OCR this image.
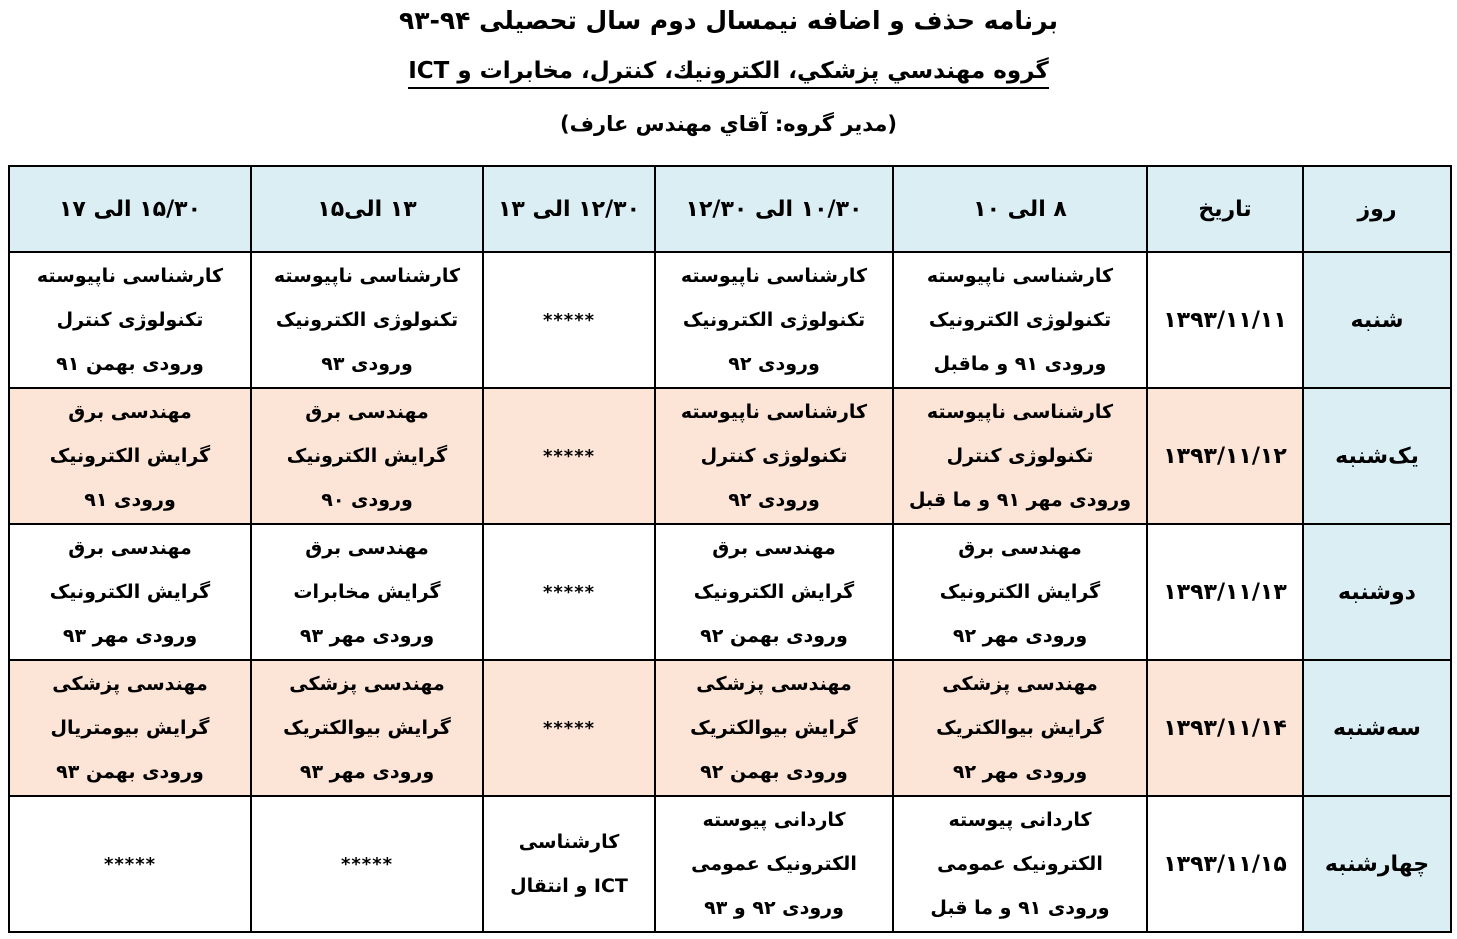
برنامه حذف و اضافه نیمسال دوم سال تحصیلی ۹۴-۹۳
گروه مهندسي پزشكي، الكترونيك، كنترل، مخابرات و ICT
(مدير گروه: آقاي مهندس عارف)
روز	تاریخ	۸ الی ۱۰	۱۰/۳۰ الی ۱۲/۳۰	۱۲/۳۰ الی ۱۳	۱۳ الی۱۵	۱۵/۳۰ الی ۱۷
شنبه	۱۳۹۳/۱۱/۱۱	کارشناسی ناپیوسته
تکنولوژی الکترونیک
ورودی ۹۱ و ماقبل	کارشناسی ناپیوسته
تکنولوژی الکترونیک
ورودی ۹۲	*****	کارشناسی ناپیوسته
تکنولوژی الکترونیک
ورودی ۹۳	کارشناسی ناپیوسته
تکنولوژی کنترل
ورودی بهمن ۹۱

یک‌شنبه	۱۳۹۳/۱۱/۱۲	کارشناسی ناپیوسته
تکنولوژی کنترل
ورودی مهر ۹۱ و ما قبل	کارشناسی ناپیوسته
تکنولوژی کنترل
ورودی ۹۲	*****	مهندسی برق
گرایش الکترونیک
ورودی ۹۰	مهندسی برق
گرایش الکترونیک
ورودی ۹۱

دوشنبه	۱۳۹۳/۱۱/۱۳	مهندسی برق
گرایش الکترونیک
ورودی مهر ۹۲	مهندسی برق
گرایش الکترونیک
ورودی بهمن ۹۲	*****	مهندسی برق
گرایش مخابرات
ورودی مهر ۹۳	مهندسی برق
گرایش الکترونیک
ورودی مهر ۹۳

سه‌شنبه	۱۳۹۳/۱۱/۱۴	مهندسی پزشکی
گرایش بیوالکتریک
ورودی مهر ۹۲	مهندسی پزشکی
گرایش بیوالکتریک
ورودی بهمن ۹۲	*****	مهندسی پزشکی
گرایش بیوالکتریک
ورودی مهر ۹۳	مهندسی پزشکی
گرایش بیومتریال
ورودی بهمن ۹۳

چهارشنبه	۱۳۹۳/۱۱/۱۵	کاردانی پیوسته
الکترونیک عمومی
ورودی ۹۱ و ما قبل	کاردانی پیوسته
الکترونیک عمومی
ورودی ۹۲ و ۹۳	کارشناسی
ICT و انتقال	*****	*****
